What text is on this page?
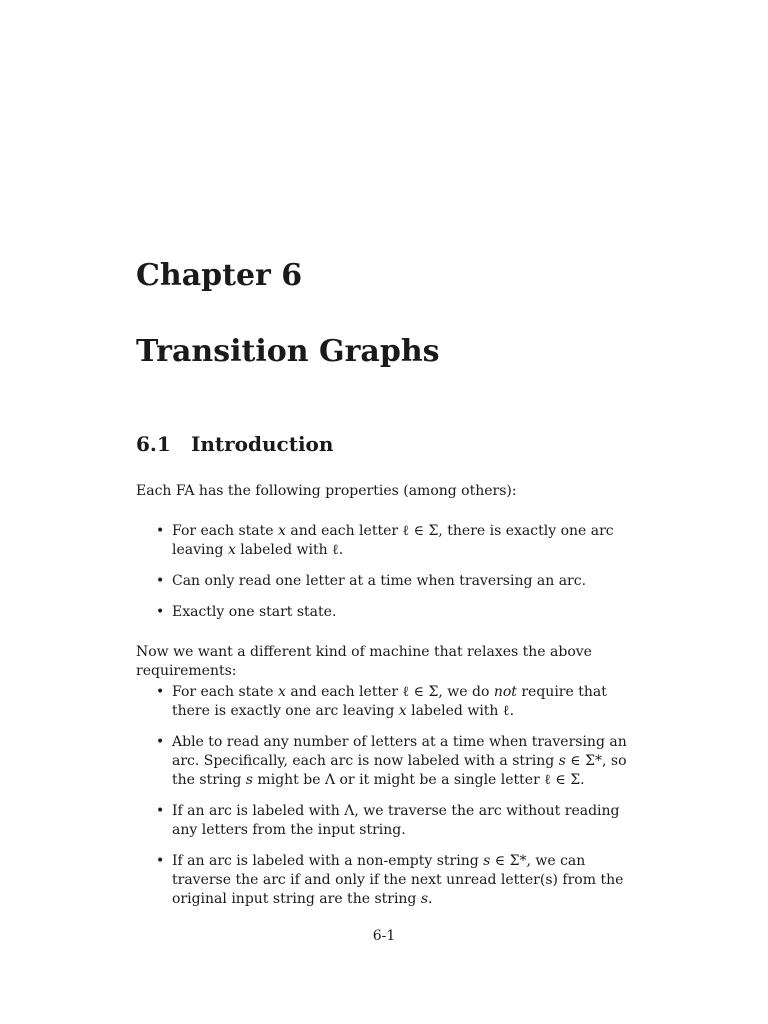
Chapter 6
Transition Graphs
6.1 Introduction

Each FA has the following properties (among others):

• For each state x and each letter ℓ ∈ Σ, there is exactly one arc leaving x labeled with ℓ.
• Can only read one letter at a time when traversing an arc.
• Exactly one start state.

Now we want a different kind of machine that relaxes the above requirements:

• For each state x and each letter ℓ ∈ Σ, we do not require that there is exactly one arc leaving x labeled with ℓ.
• Able to read any number of letters at a time when traversing an arc. Specifically, each arc is now labeled with a string s ∈ Σ*, so the string s might be Λ or it might be a single letter ℓ ∈ Σ.
• If an arc is labeled with Λ, we traverse the arc without reading any letters from the input string.
• If an arc is labeled with a non-empty string s ∈ Σ*, we can traverse the arc if and only if the next unread letter(s) from the original input string are the string s.
6-1
